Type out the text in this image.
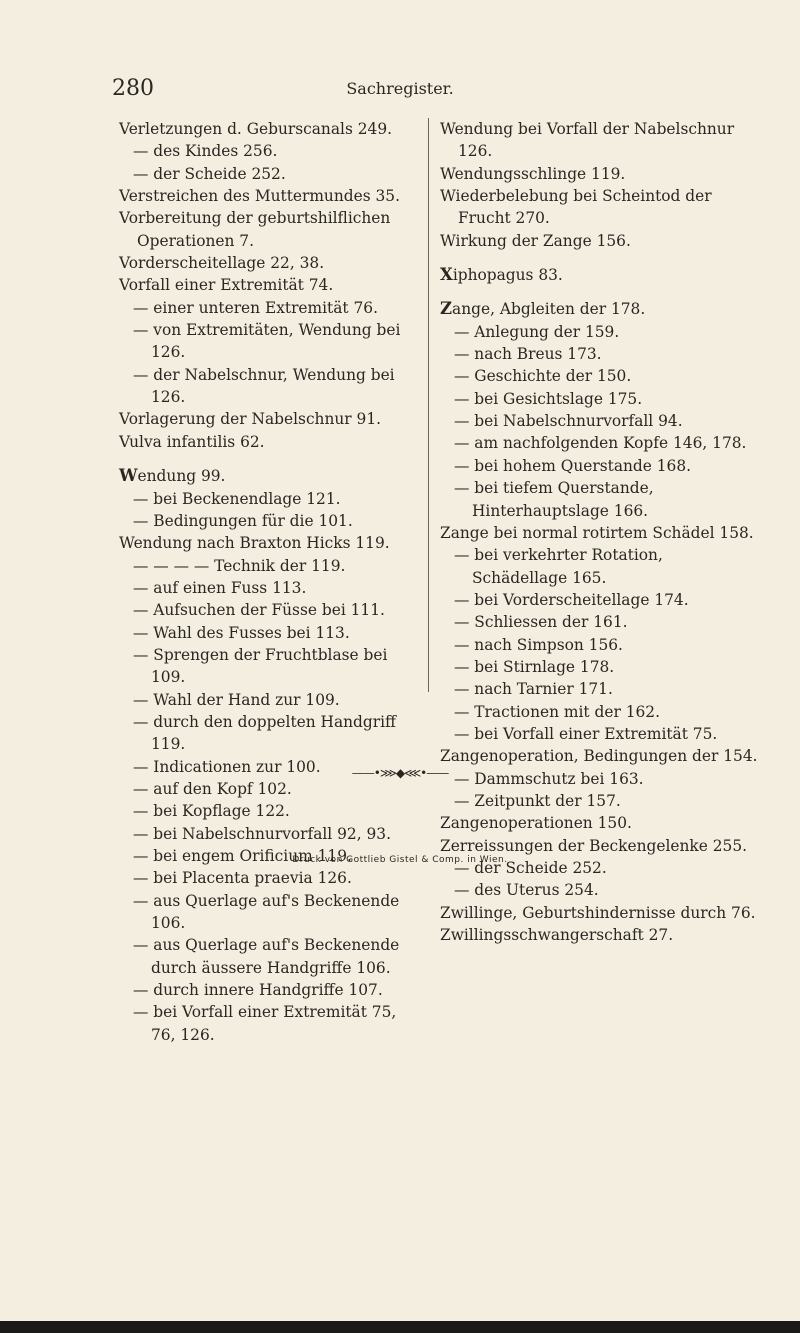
280	Sachregister.
Verletzungen d. Geburscanals 249.
— des Kindes 256.
— der Scheide 252.
Verstreichen des Muttermundes 35.
Vorbereitung der geburtshilflichen Operationen 7.
Vorderscheitellage 22, 38.
Vorfall einer Extremität 74.
— einer unteren Extremität 76.
— von Extremitäten, Wendung bei 126.
— der Nabelschnur, Wendung bei 126.
Vorlagerung der Nabelschnur 91.
Vulva infantilis 62.
Wendung 99.
— bei Beckenendlage 121.
— Bedingungen für die 101.
Wendung nach Braxton Hicks 119.
— — — — Technik der 119.
— auf einen Fuss 113.
— Aufsuchen der Füsse bei 111.
— Wahl des Fusses bei 113.
— Sprengen der Fruchtblase bei 109.
— Wahl der Hand zur 109.
— durch den doppelten Handgriff 119.
— Indicationen zur 100.
— auf den Kopf 102.
— bei Kopflage 122.
— bei Nabelschnurvorfall 92, 93.
— bei engem Orificium 119.
— bei Placenta praevia 126.
— aus Querlage auf's Beckenende 106.
— aus Querlage auf's Beckenende durch äussere Handgriffe 106.
— durch innere Handgriffe 107.
— bei Vorfall einer Extremität 75, 76, 126.
Wendung bei Vorfall der Nabelschnur 126.
Wendungsschlinge 119.
Wiederbelebung bei Scheintod der Frucht 270.
Wirkung der Zange 156.
Xiphopagus 83.
Zange, Abgleiten der 178.
— Anlegung der 159.
— nach Breus 173.
— Geschichte der 150.
— bei Gesichtslage 175.
— bei Nabelschnurvorfall 94.
— am nachfolgenden Kopfe 146, 178.
— bei hohem Querstande 168.
— bei tiefem Querstande, Hinterhauptslage 166.
Zange bei normal rotirtem Schädel 158.
— bei verkehrter Rotation, Schädellage 165.
— bei Vorderscheitellage 174.
— Schliessen der 161.
— nach Simpson 156.
— bei Stirnlage 178.
— nach Tarnier 171.
— Tractionen mit der 162.
— bei Vorfall einer Extremität 75.
Zangenoperation, Bedingungen der 154.
— Dammschutz bei 163.
— Zeitpunkt der 157.
Zangenoperationen 150.
Zerreissungen der Beckengelenke 255.
— der Scheide 252.
— des Uterus 254.
Zwillinge, Geburtshindernisse durch 76.
Zwillingsschwangerschaft 27.
——•⋙◆⋘•——
Druck von Gottlieb Gistel & Comp. in Wien.
